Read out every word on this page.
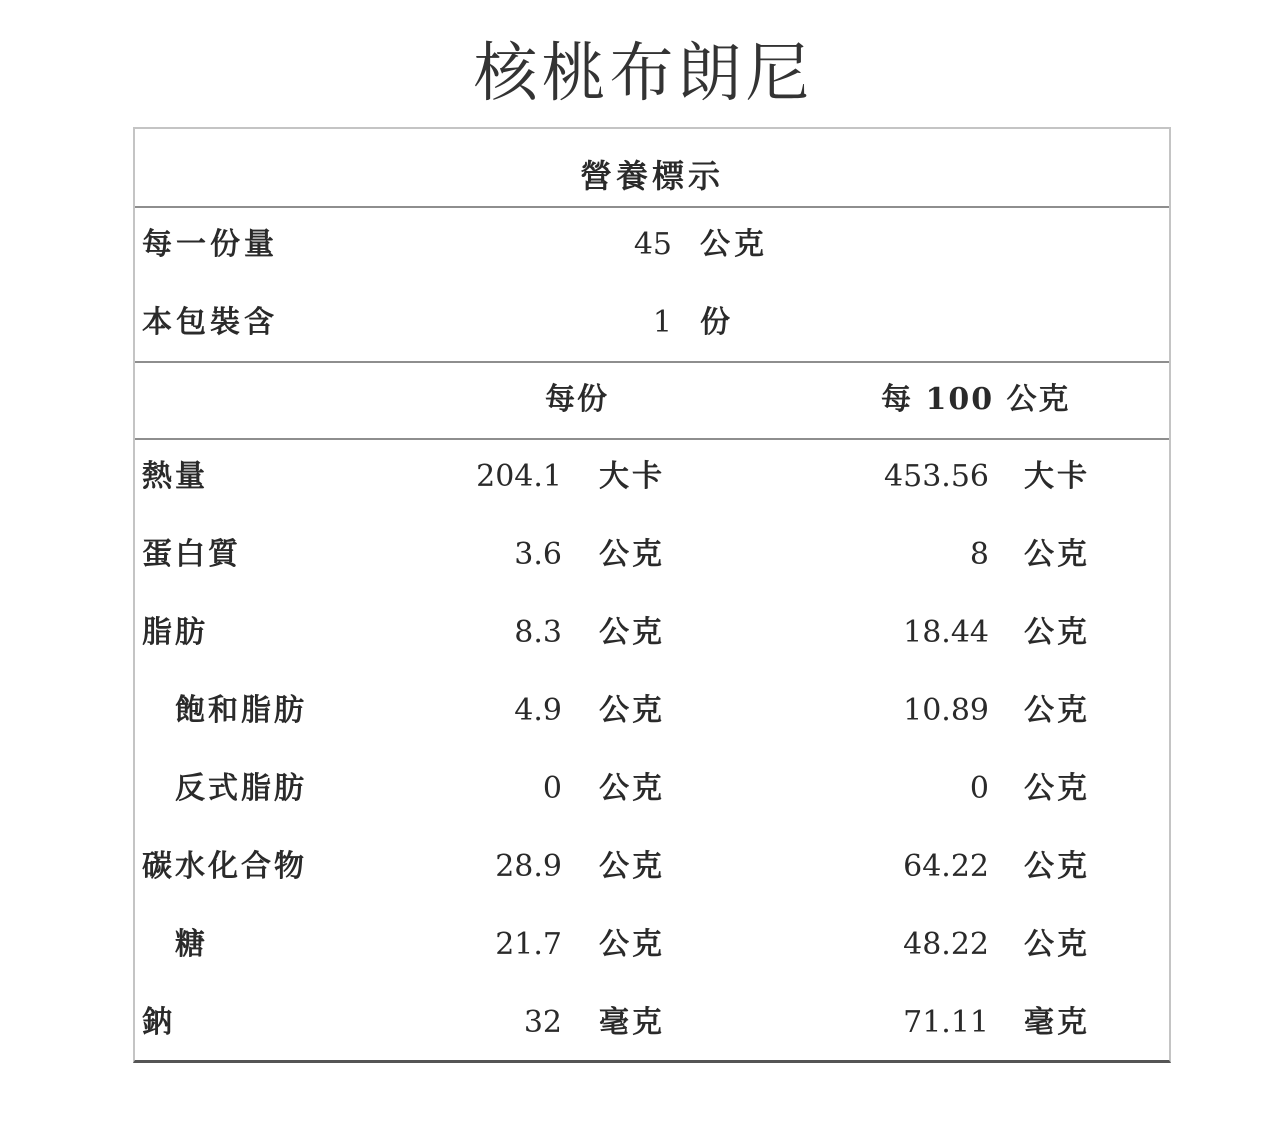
核桃布朗尼
營養標示
每一份量	45 公克
本包裝含	1 份
每份	每 100 公克
熱量	204.1 大卡	453.56 大卡
蛋白質	3.6 公克	8 公克
脂肪	8.3 公克	18.44 公克
飽和脂肪	4.9 公克	10.89 公克
反式脂肪	0 公克	0 公克
碳水化合物	28.9 公克	64.22 公克
糖	21.7 公克	48.22 公克
鈉	32 毫克	71.11 毫克
